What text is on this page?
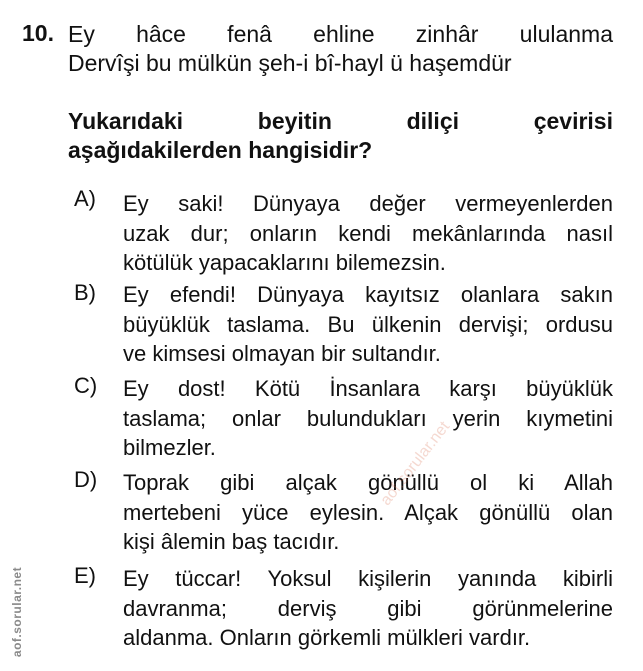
10. Ey hâce fenâ ehline zinhâr ululanma
Dervîşi bu mülkün şeh-i bî-hayl ü haşemdür
Yukarıdaki beyitin diliçi çevirisi
aşağıdakilerden hangisidir?
A) Ey saki! Dünyaya değer vermeyenlerden
uzak dur; onların kendi mekânlarında nasıl
kötülük yapacaklarını bilemezsin.
B) Ey efendi! Dünyaya kayıtsız olanlara sakın
büyüklük taslama. Bu ülkenin dervişi; ordusu
ve kimsesi olmayan bir sultandır.
C) Ey dost! Kötü İnsanlara karşı büyüklük
taslama; onlar bulundukları yerin kıymetini
bilmezler.
D) Toprak gibi alçak gönüllü ol ki Allah
mertebeni yüce eylesin. Alçak gönüllü olan
kişi âlemin baş tacıdır.
E) Ey tüccar! Yoksul kişilerin yanında kibirli
davranma; derviş gibi görünmelerine
aldanma. Onların görkemli mülkleri vardır.
aof.sorular.net
aof.sorular.net
